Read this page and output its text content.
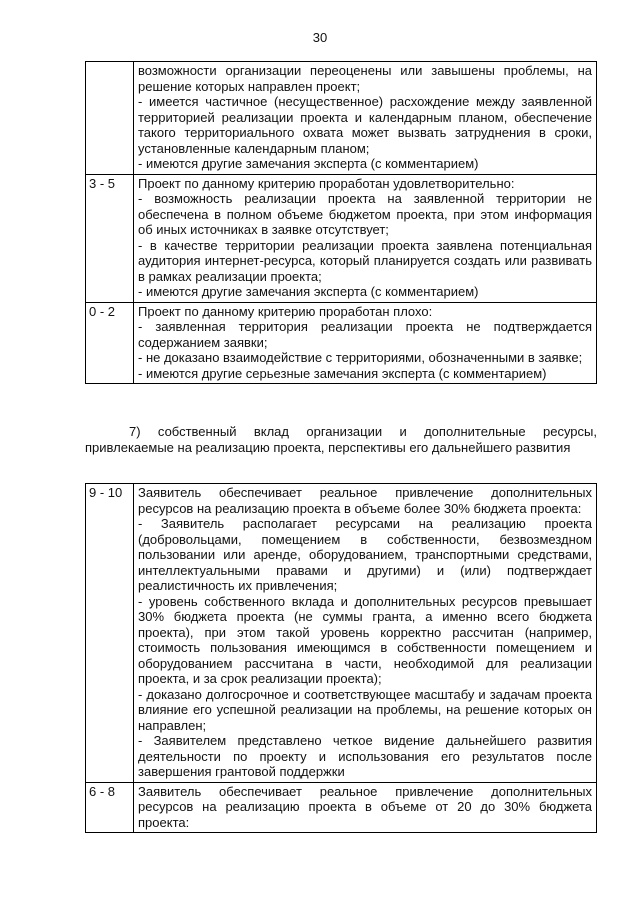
30

	возможности организации переоценены или завышены проблемы, на решение которых направлен проект;
- имеется частичное (несущественное) расхождение между заявленной территорией реализации проекта и календарным планом, обеспечение такого территориального охвата может вызвать затруднения в сроки, установленные календарным планом;
- имеются другие замечания эксперта (с комментарием)

3 - 5	Проект по данному критерию проработан удовлетворительно:
- возможность реализации проекта на заявленной территории не обеспечена в полном объеме бюджетом проекта, при этом информация об иных источниках в заявке отсутствует;
- в качестве территории реализации проекта заявлена потенциальная аудитория интернет-ресурса, который планируется создать или развивать в рамках реализации проекта;
- имеются другие замечания эксперта (с комментарием)

0 - 2	Проект по данному критерию проработан плохо:
- заявленная территория реализации проекта не подтверждается содержанием заявки;
- не доказано взаимодействие с территориями, обозначенными в заявке;
- имеются другие серьезные замечания эксперта (с комментарием)
7) собственный вклад организации и дополнительные ресурсы, привлекаемые на реализацию проекта, перспективы его дальнейшего развития
9 - 10	Заявитель обеспечивает реальное привлечение дополнительных ресурсов на реализацию проекта в объеме более 30% бюджета проекта:
- Заявитель располагает ресурсами на реализацию проекта (добровольцами, помещением в собственности, безвозмездном пользовании или аренде, оборудованием, транспортными средствами, интеллектуальными правами и другими) и (или) подтверждает реалистичность их привлечения;
- уровень собственного вклада и дополнительных ресурсов превышает 30% бюджета проекта (не суммы гранта, а именно всего бюджета проекта), при этом такой уровень корректно рассчитан (например, стоимость пользования имеющимся в собственности помещением и оборудованием рассчитана в части, необходимой для реализации проекта, и за срок реализации проекта);
- доказано долгосрочное и соответствующее масштабу и задачам проекта влияние его успешной реализации на проблемы, на решение которых он направлен;
- Заявителем представлено четкое видение дальнейшего развития деятельности по проекту и использования его результатов после завершения грантовой поддержки

6 - 8	Заявитель обеспечивает реальное привлечение дополнительных ресурсов на реализацию проекта в объеме от 20 до 30% бюджета проекта:
